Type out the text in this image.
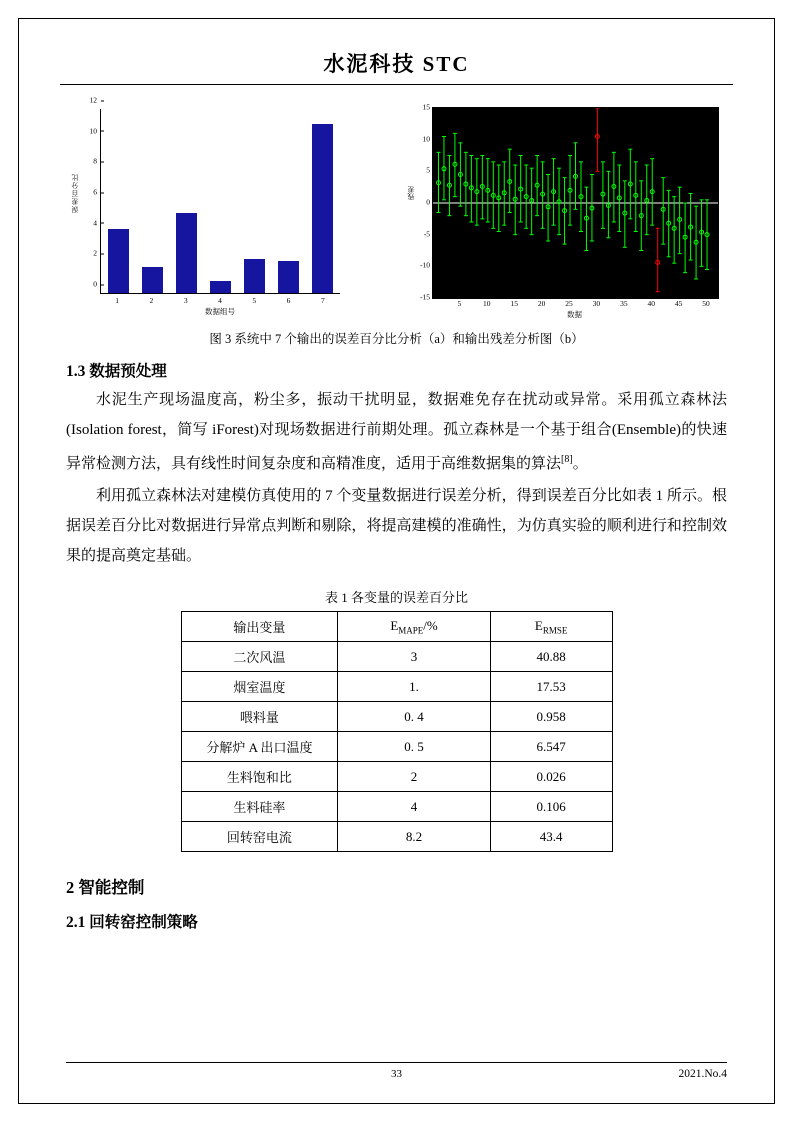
水泥科技 STC
误差百分比
0
2
4
6
8
10
12
1	2	3	4	5	6	7
数据组号
残差
-15
-10
-5
0
5
10
15
5	10	15	20	25	30	35	40	45	50
数据
图 3 系统中 7 个输出的误差百分比分析（a）和输出残差分析图（b）
1.3 数据预处理

水泥生产现场温度高，粉尘多，振动干扰明显，数据难免存在扰动或异常。采用孤立森林法(Isolation forest，简写 iForest)对现场数据进行前期处理。孤立森林是一个基于组合(Ensemble)的快速异常检测方法，具有线性时间复杂度和高精准度，适用于高维数据集的算法[8]。

利用孤立森林法对建模仿真使用的 7 个变量数据进行误差分析，得到误差百分比如表 1 所示。根据误差百分比对数据进行异常点判断和剔除，将提高建模的准确性，为仿真实验的顺利进行和控制效果的提高奠定基础。

表 1 各变量的误差百分比
输出变量	$E_{MAPE}/\%$	$E_{RMSE}$
二次风温	3	40.88
烟室温度	1.	17.53
喂料量	0. 4	0.958
分解炉 A 出口温度	0. 5	6.547
生料饱和比	2	0.026
生料硅率	4	0.106
回转窑电流	8.2	43.4
2 智能控制
2.1 回转窑控制策略
33	2021.No.4
